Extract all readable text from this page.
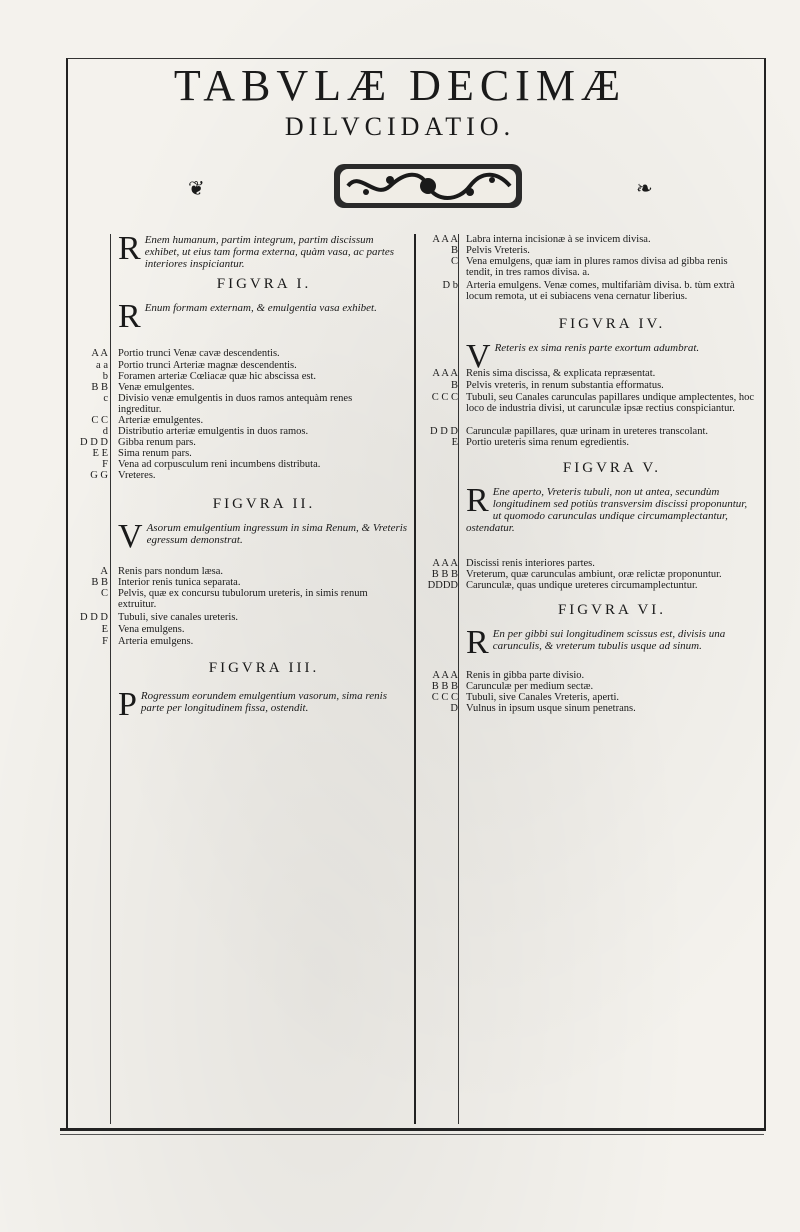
TABVLÆ DECIMÆ
DILVCIDATIO.
❦	❧
R Enem humanum, partim integrum, partim discissum exhibet, ut eius tam forma externa, quàm vasa, ac partes interiores inspiciantur.
FIGVRA I.
R Enum formam externam, & emulgentia vasa exhibet.
A A Portio trunci Venæ cavæ descendentis.
a a Portio trunci Arteriæ magnæ descendentis.
b Foramen arteriæ Cœliacæ quæ hic abscissa est.
B B Venæ emulgentes.
c Divisio venæ emulgentis in duos ramos antequàm renes ingreditur.
C C Arteriæ emulgentes.
d Distributio arteriæ emulgentis in duos ramos.
D D D Gibba renum pars.
E E Sima renum pars.
F Vena ad corpusculum reni incumbens distributa.
G G Vreteres.
FIGVRA II.
V Asorum emulgentium ingressum in sima Renum, & Vreteris egressum demonstrat.
A Renis pars nondum læsa.
B B Interior renis tunica separata.
C Pelvis, quæ ex concursu tubulorum ureteris, in simis renum extruitur.
D D D Tubuli, sive canales ureteris.
E Vena emulgens.
F Arteria emulgens.
FIGVRA III.
P Rogressum eorundem emulgentium vasorum, sima renis parte per longitudinem fissa, ostendit.
A A A Labra interna incisionæ à se invicem divisa.
B Pelvis Vreteris.
C Vena emulgens, quæ iam in plures ramos divisa ad gibba renis tendit, in tres ramos divisa. a.
D b Arteria emulgens. Venæ comes, multifariàm divisa. b. tùm extrà locum remota, ut ei subiacens vena cernatur liberius.
FIGVRA IV.
V Reteris ex sima renis parte exortum adumbrat.
A A A Renis sima discissa, & explicata repræsentat.
B Pelvis vreteris, in renum substantia efformatus.
C C C Tubuli, seu Canales carunculas papillares undique amplectentes, hoc loco de industria divisi, ut carunculæ ipsæ rectius conspiciantur.
D D D Carunculæ papillares, quæ urinam in ureteres transcolant.
E Portio ureteris sima renum egredientis.
FIGVRA V.
R Ene aperto, Vreteris tubuli, non ut antea, secundùm longitudinem sed potiùs transversim discissi proponuntur, ut quomodo carunculas undique circumamplectantur, ostendatur.
A A A Discissi renis interiores partes.
B B B Vreterum, quæ carunculas ambiunt, oræ relictæ proponuntur.
DDDD Carunculæ, quas undique ureteres circumamplectuntur.
FIGVRA VI.
R En per gibbi sui longitudinem scissus est, divisis una carunculis, & vreterum tubulis usque ad sinum.
A A A Renis in gibba parte divisio.
B B B Carunculæ per medium sectæ.
C C C Tubuli, sive Canales Vreteris, aperti.
D Vulnus in ipsum usque sinum penetrans.
